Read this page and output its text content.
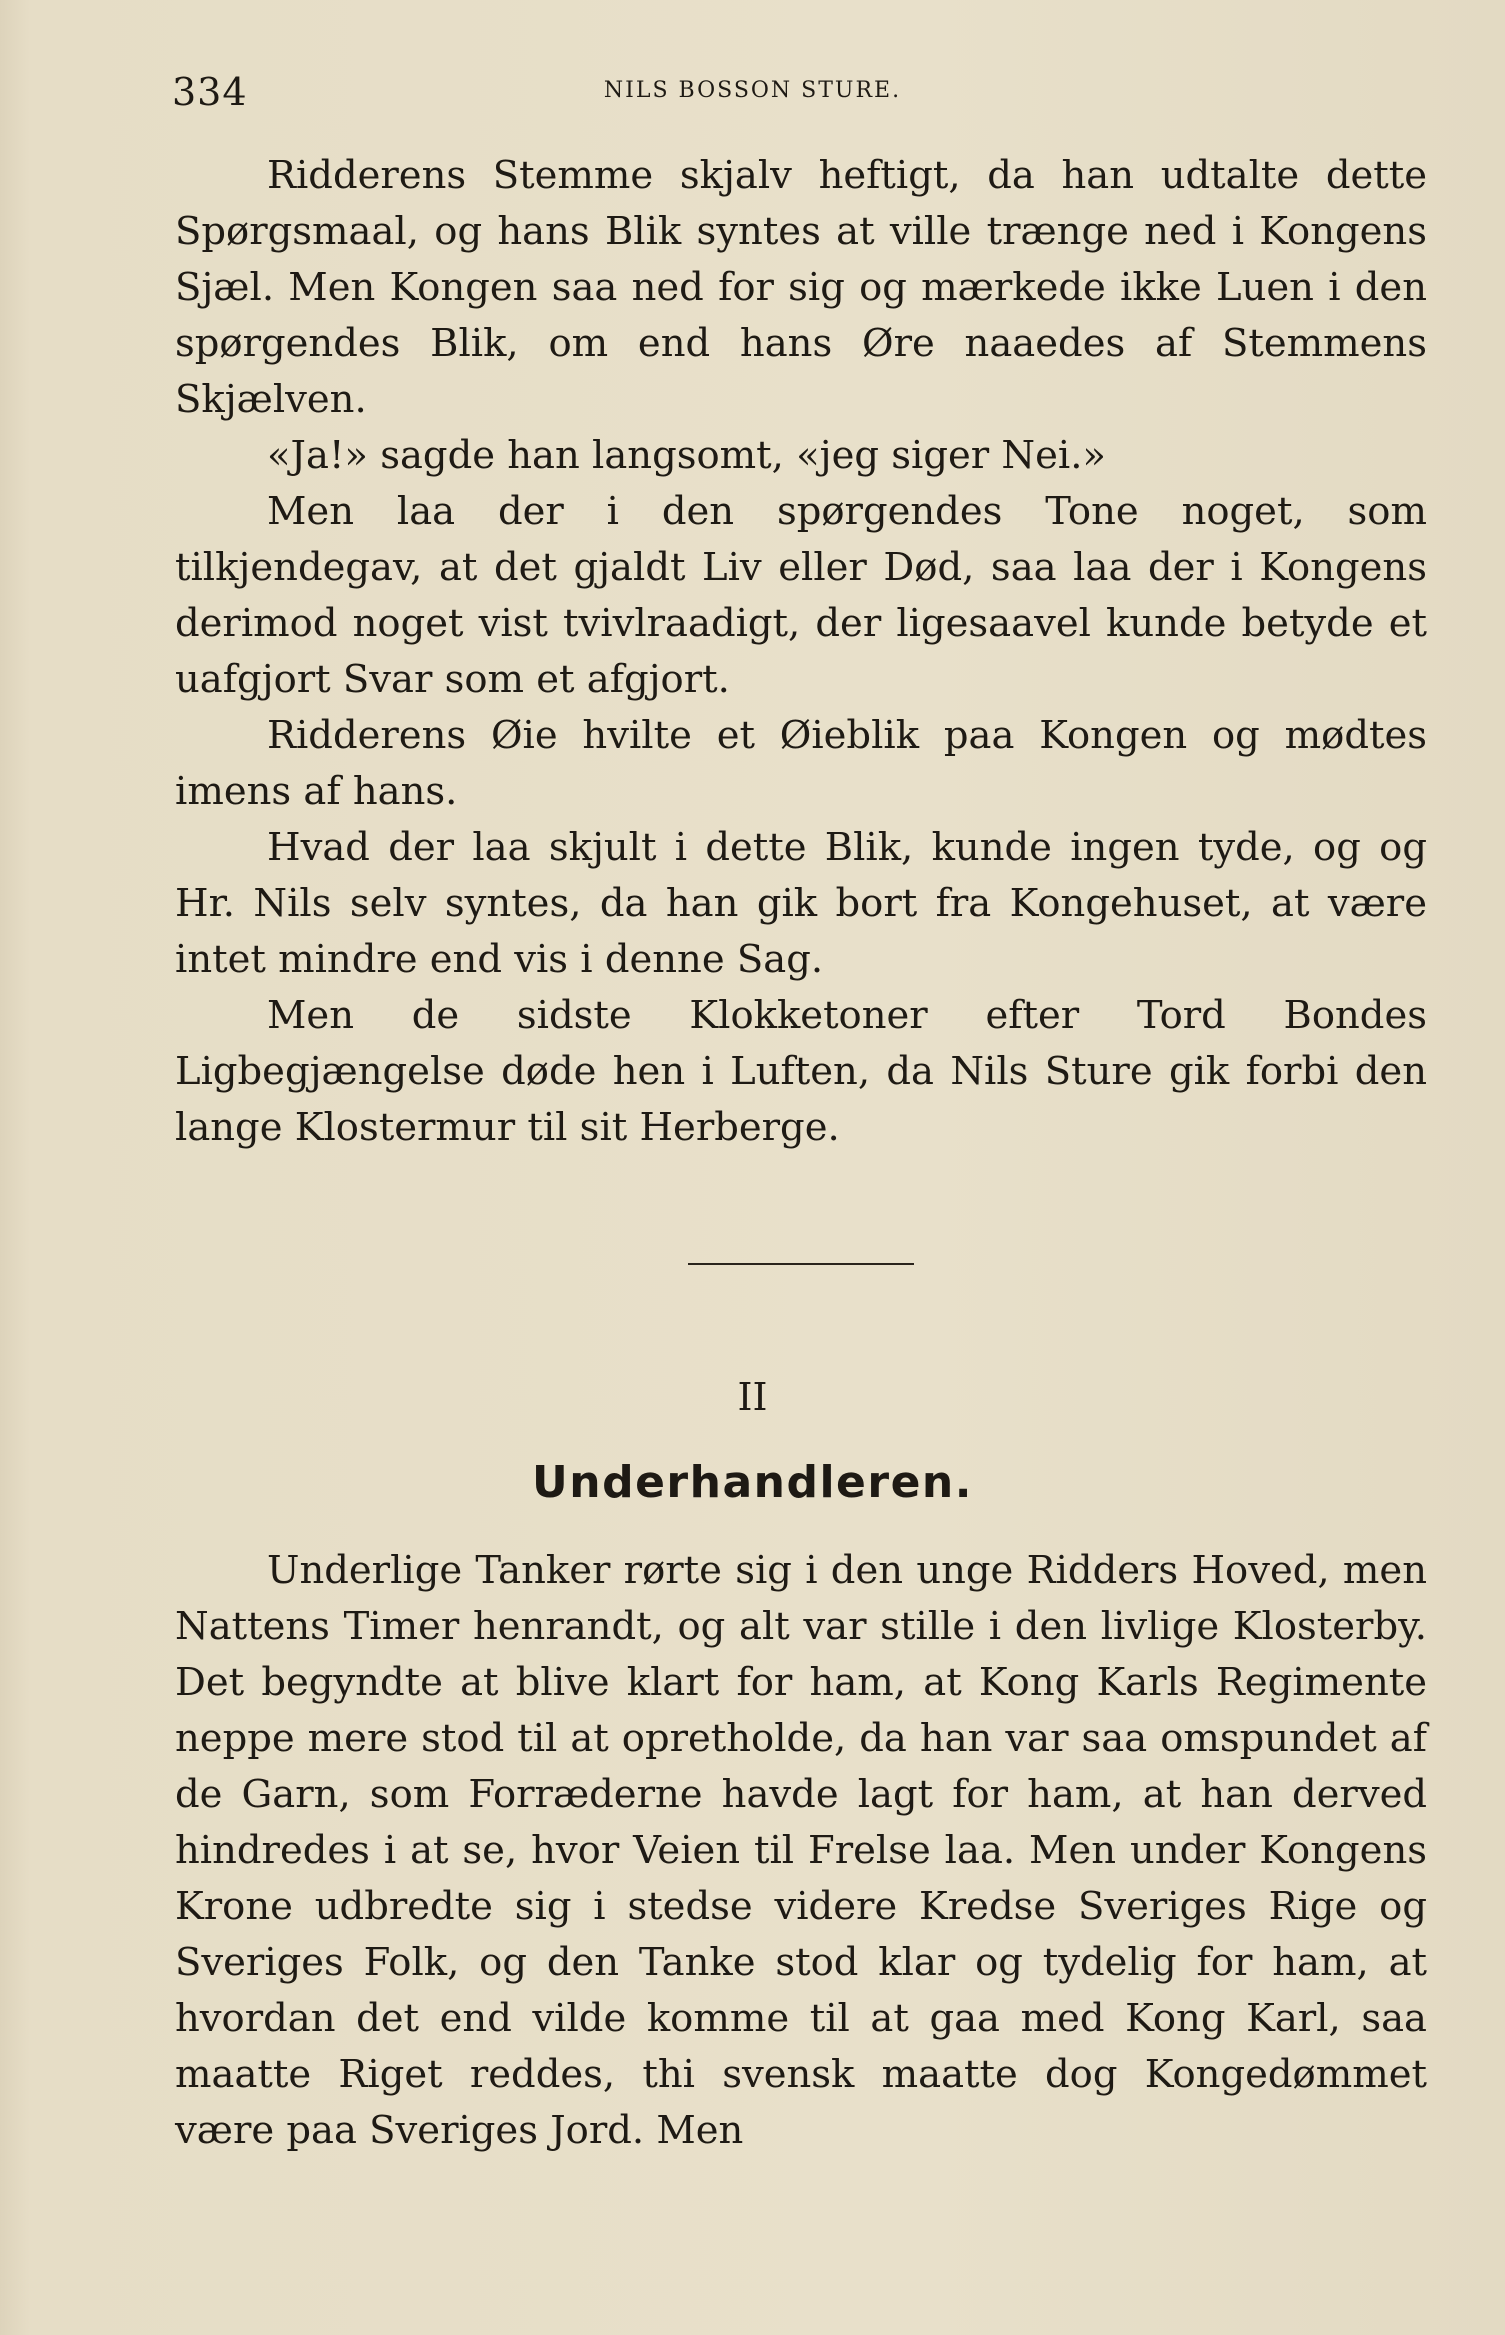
334	NILS BOSSON STURE.

Ridderens Stemme skjalv heftigt, da han udtalte dette Spørgsmaal, og hans Blik syntes at ville trænge ned i Kongens Sjæl. Men Kongen saa ned for sig og mærkede ikke Luen i den spørgendes Blik, om end hans Øre naaedes af Stemmens Skjælven.

«Ja!» sagde han langsomt, «jeg siger Nei.»

Men laa der i den spørgendes Tone noget, som tilkjendegav, at det gjaldt Liv eller Død, saa laa der i Kongens derimod noget vist tvivlraadigt, der ligesaavel kunde betyde et uafgjort Svar som et afgjort.

Ridderens Øie hvilte et Øieblik paa Kongen og mødtes imens af hans.

Hvad der laa skjult i dette Blik, kunde ingen tyde, og og Hr. Nils selv syntes, da han gik bort fra Kongehuset, at være intet mindre end vis i denne Sag.

Men de sidste Klokketoner efter Tord Bondes Ligbegjængelse døde hen i Luften, da Nils Sture gik forbi den lange Klostermur til sit Herberge.

II
Underhandleren.

Underlige Tanker rørte sig i den unge Ridders Hoved, men Nattens Timer henrandt, og alt var stille i den livlige Klosterby. Det begyndte at blive klart for ham, at Kong Karls Regimente neppe mere stod til at opretholde, da han var saa omspundet af de Garn, som Forræderne havde lagt for ham, at han derved hindredes i at se, hvor Veien til Frelse laa. Men under Kongens Krone udbredte sig i stedse videre Kredse Sveriges Rige og Sveriges Folk, og den Tanke stod klar og tydelig for ham, at hvordan det end vilde komme til at gaa med Kong Karl, saa maatte Riget reddes, thi svensk maatte dog Kongedømmet være paa Sveriges Jord. Men
